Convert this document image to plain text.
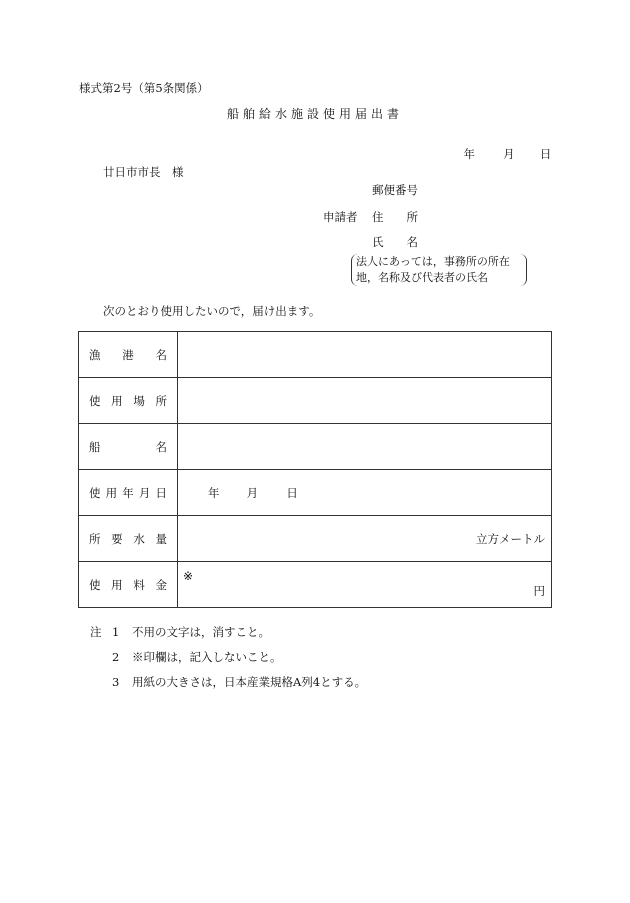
様式第2号（第5条関係）
船舶給水施設使用届出書
年 月 日
廿日市市長　様
郵便番号
申請者 住　　所
氏　　名
法人にあっては，事務所の所在
地，名称及び代表者の氏名
次のとおり使用したいので，届け出ます。
漁 港 名	

使 用 場 所	

船 名	

使 用 年 月 日	年 月 日

所 要 水 量	立方メートル

使 用 料 金	※
円
注 1	不用の文字は，消すこと。
2	※印欄は，記入しないこと。
3	用紙の大きさは，日本産業規格A列4とする。
